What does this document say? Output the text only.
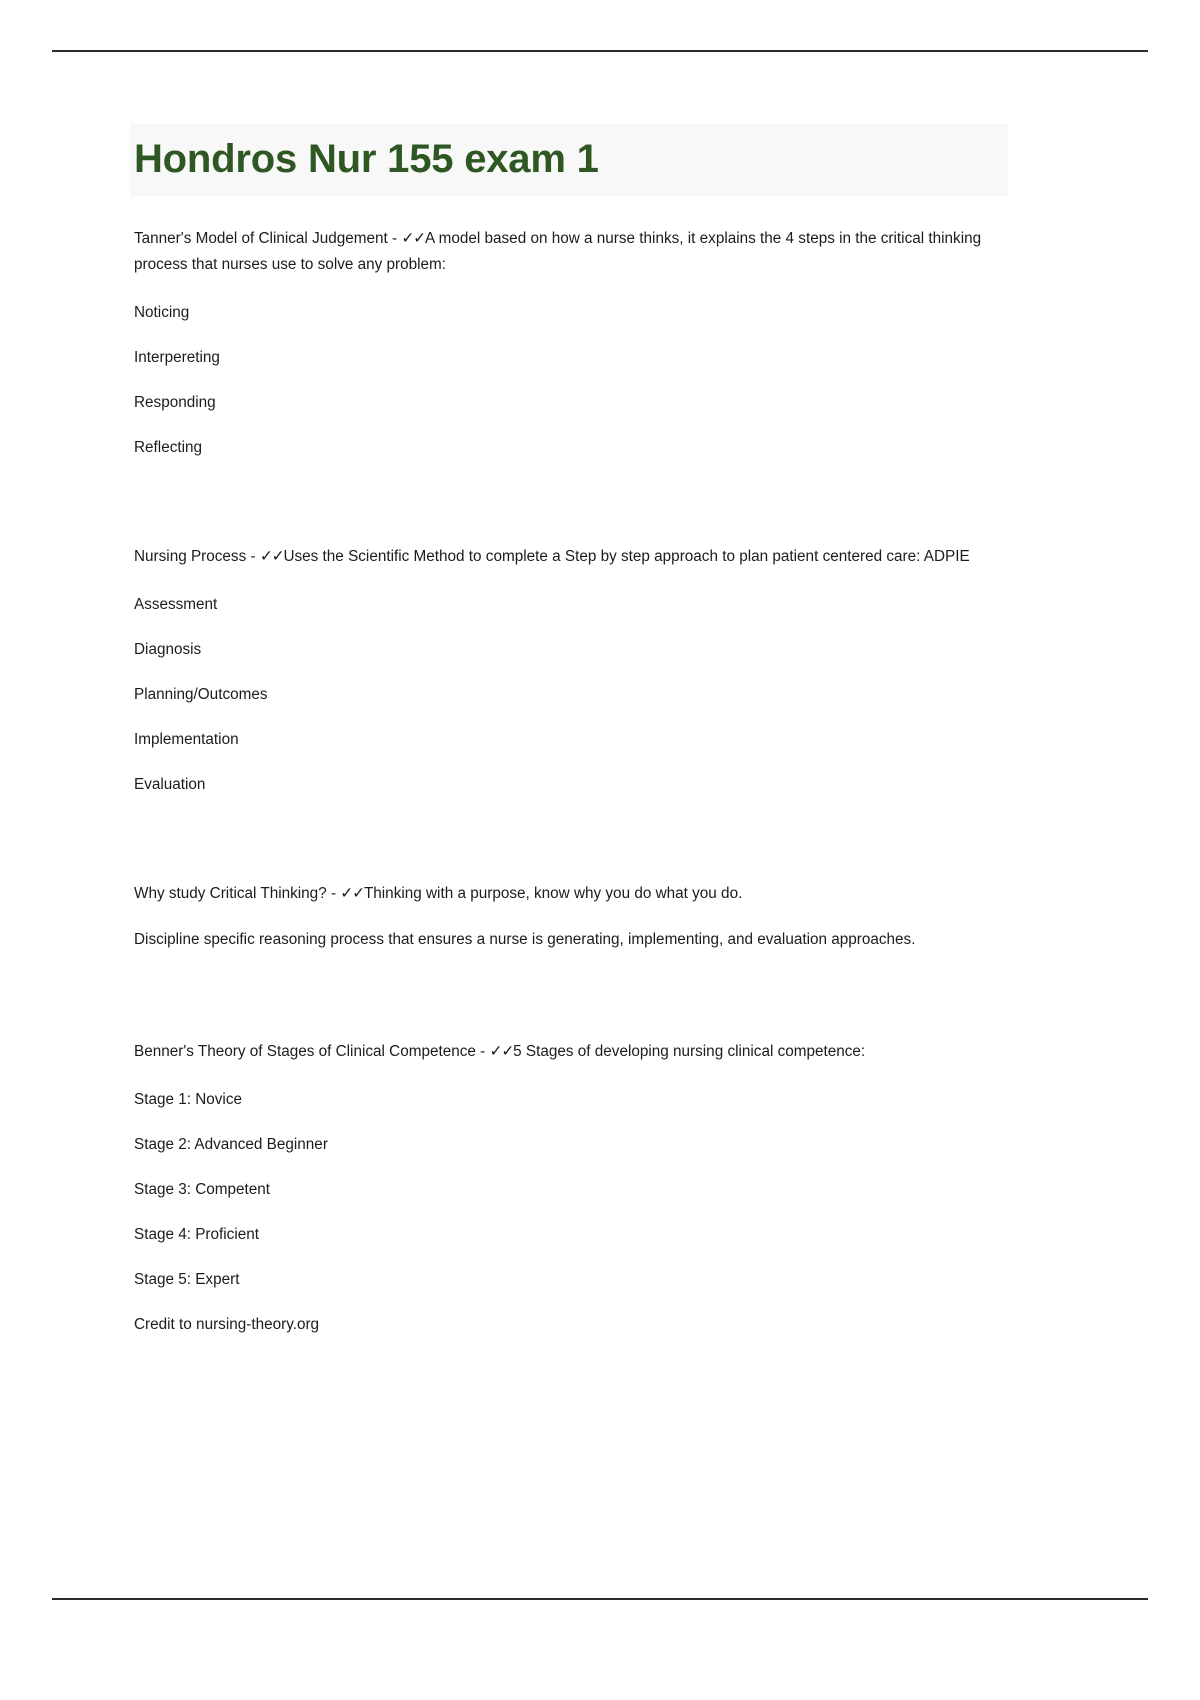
Hondros Nur 155 exam 1

Tanner's Model of Clinical Judgement - ✓✓A model based on how a nurse thinks, it explains the 4 steps in the critical thinking process that nurses use to solve any problem:

Noticing

Interpereting

Responding

Reflecting

Nursing Process - ✓✓Uses the Scientific Method to complete a Step by step approach to plan patient centered care: ADPIE

Assessment

Diagnosis

Planning/Outcomes

Implementation

Evaluation

Why study Critical Thinking? - ✓✓Thinking with a purpose, know why you do what you do.

Discipline specific reasoning process that ensures a nurse is generating, implementing, and evaluation approaches.

Benner's Theory of Stages of Clinical Competence - ✓✓5 Stages of developing nursing clinical competence:

Stage 1: Novice

Stage 2: Advanced Beginner

Stage 3: Competent

Stage 4: Proficient

Stage 5: Expert

Credit to nursing-theory.org
